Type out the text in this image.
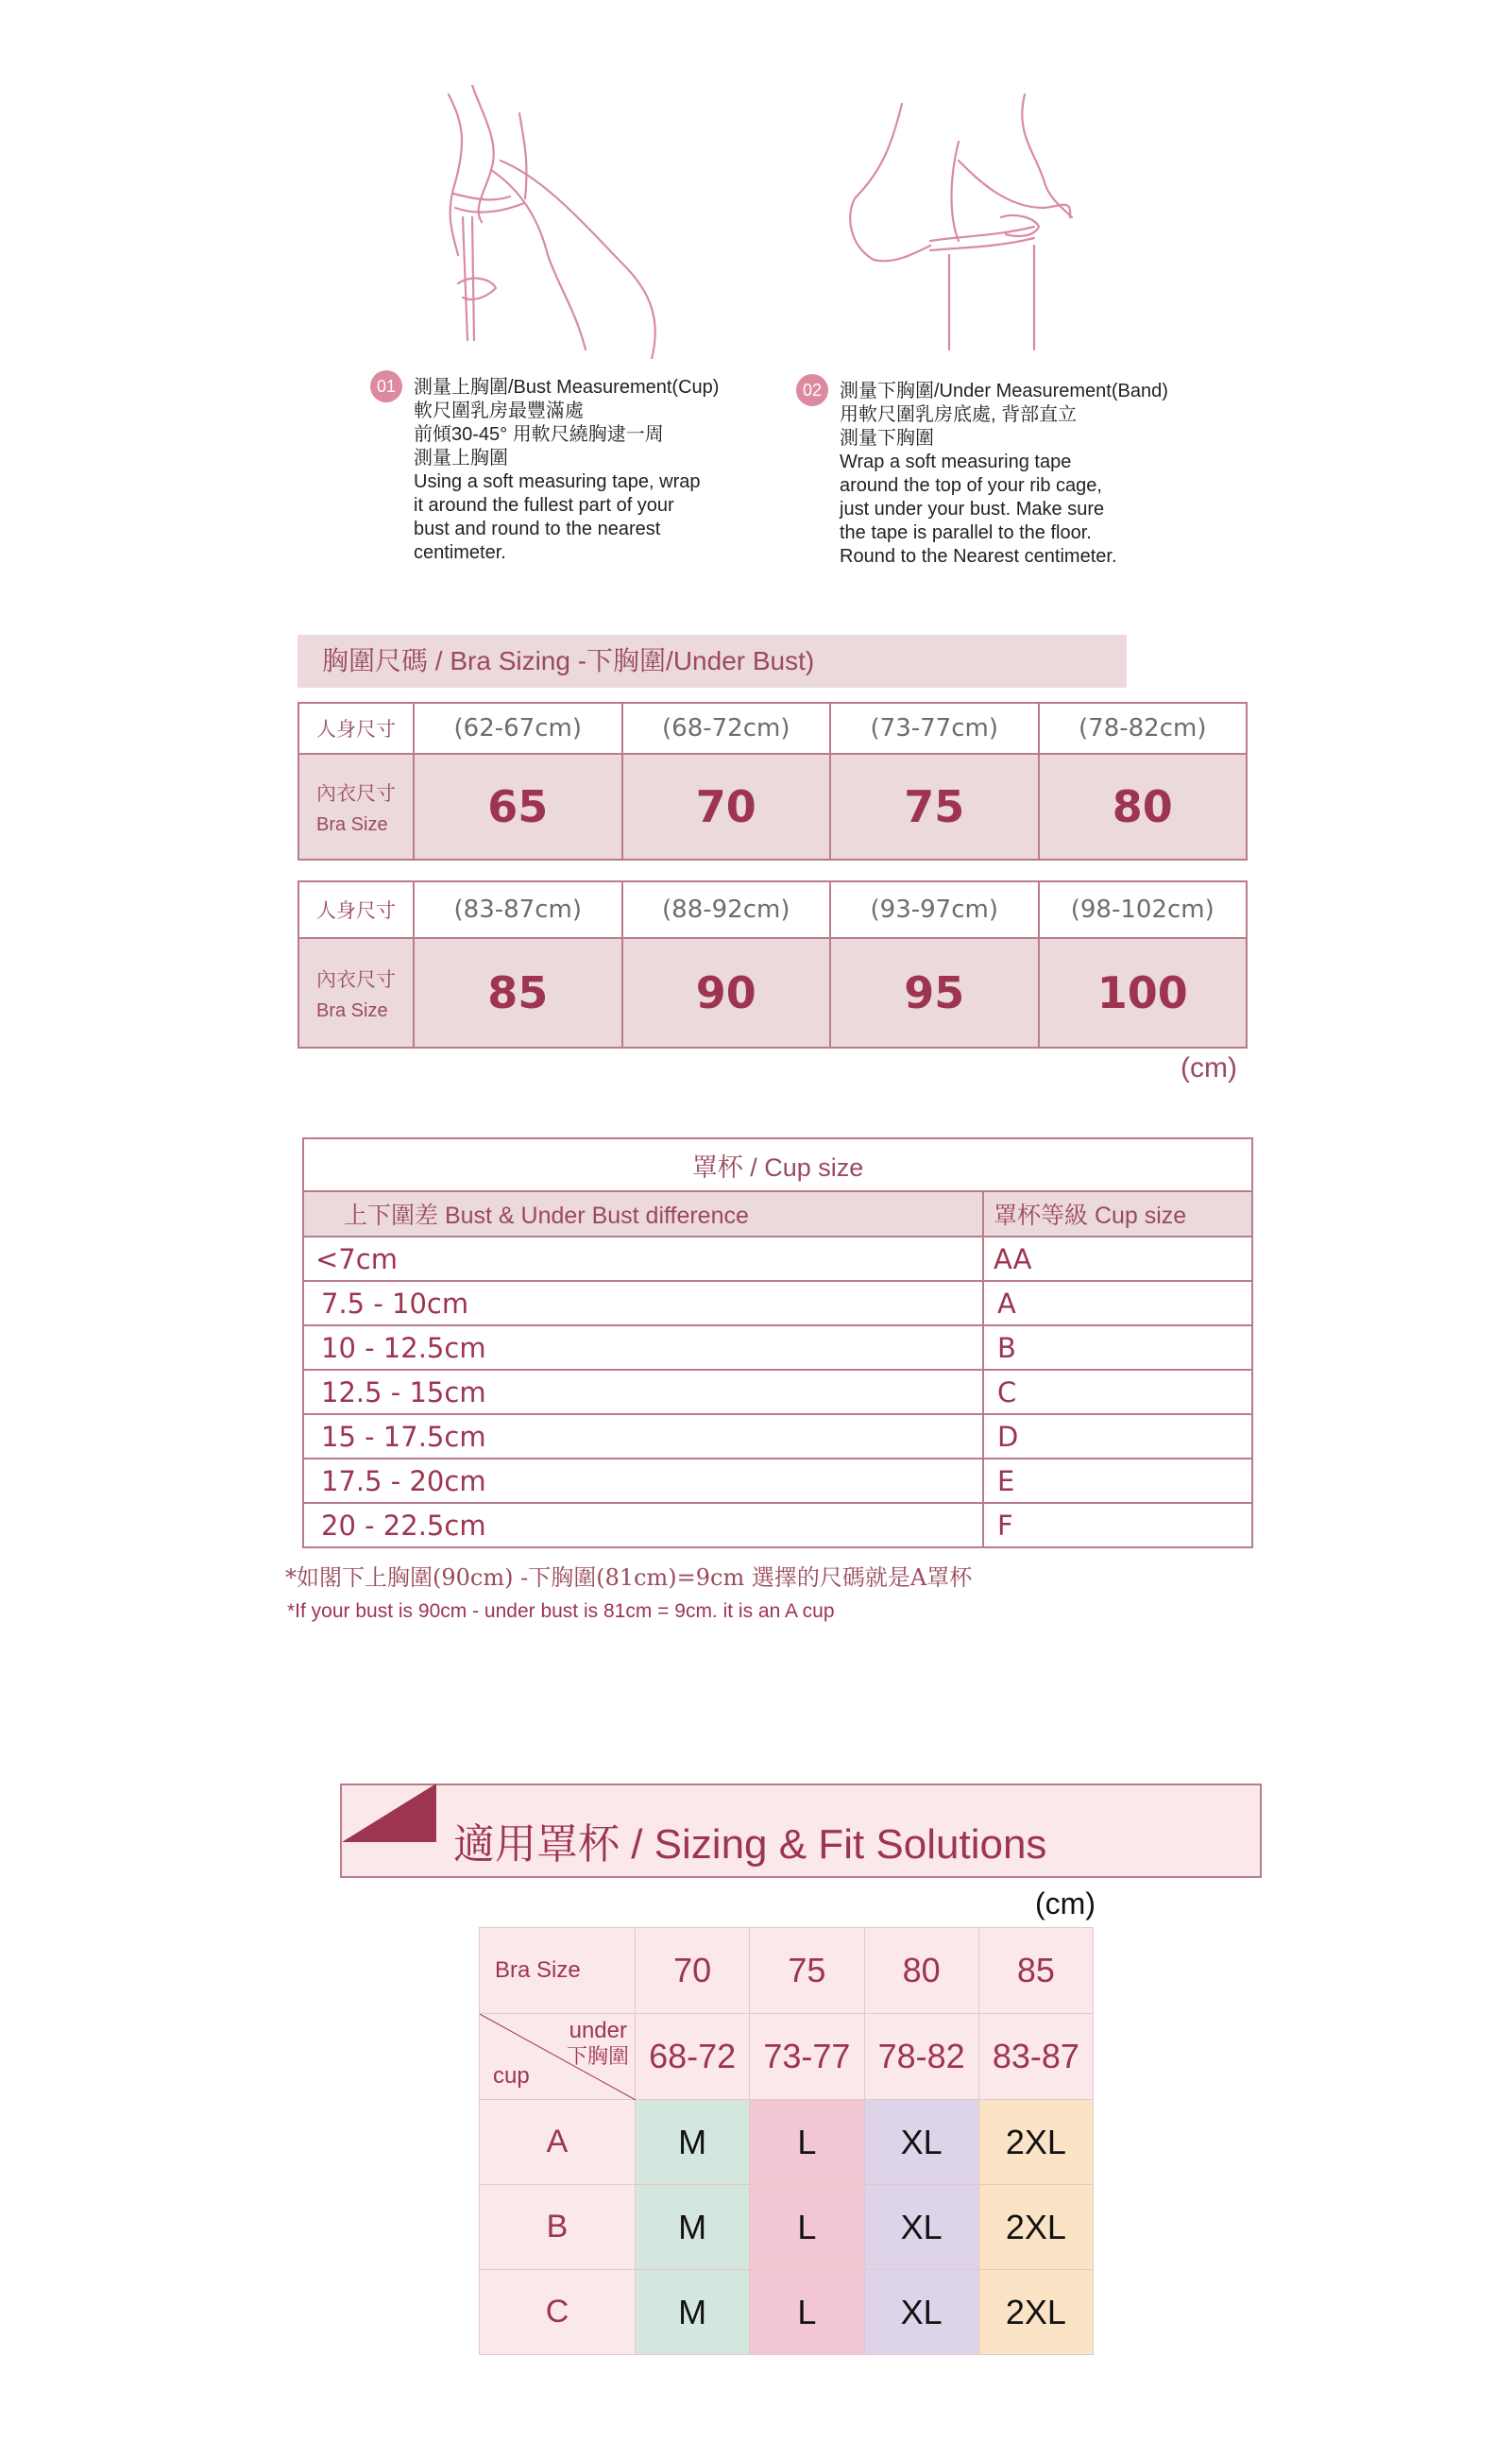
01 測量上胸圍/Bust Measurement(Cup)
軟尺圍乳房最豐滿處
前傾30-45° 用軟尺繞胸逮一周
測量上胸圍
Using a soft measuring tape, wrap
it around the fullest part of your
bust and round to the nearest
centimeter.
02 測量下胸圍/Under Measurement(Band)
用軟尺圍乳房底處, 背部直立
測量下胸圍
Wrap a soft measuring tape
around the top of your rib cage,
just under your bust. Make sure
the tape is parallel to the floor.
Round to the Nearest centimeter.
胸圍尺碼 / Bra Sizing -下胸圍/Under Bust)
人身尺寸	(62-67cm)	(68-72cm)	(73-77cm)	(78-82cm)
內衣尺寸
Bra Size	65	70	75	80
人身尺寸	(83-87cm)	(88-92cm)	(93-97cm)	(98-102cm)
內衣尺寸
Bra Size	85	90	95	100
(cm)
罩杯 / Cup size	
上下圍差 Bust & Under Bust difference	罩杯等級 Cup size
<7cm	AA
7.5 - 10cm	A
10 - 12.5cm	B
12.5 - 15cm	C
15 - 17.5cm	D
17.5 - 20cm	E
20 - 22.5cm	F
*如閣下上胸圍(90cm) -下胸圍(81cm)=9cm 選擇的尺碼就是A罩杯
*If your bust is 90cm - under bust is 81cm = 9cm. it is an A cup
適用罩杯 / Sizing & Fit Solutions
(cm)
Bra Size	70	75	80	85

under
下胸圍
cup	68-72	73-77	78-82	83-87
A	M	L	XL	2XL
B	M	L	XL	2XL
C	M	L	XL	2XL
